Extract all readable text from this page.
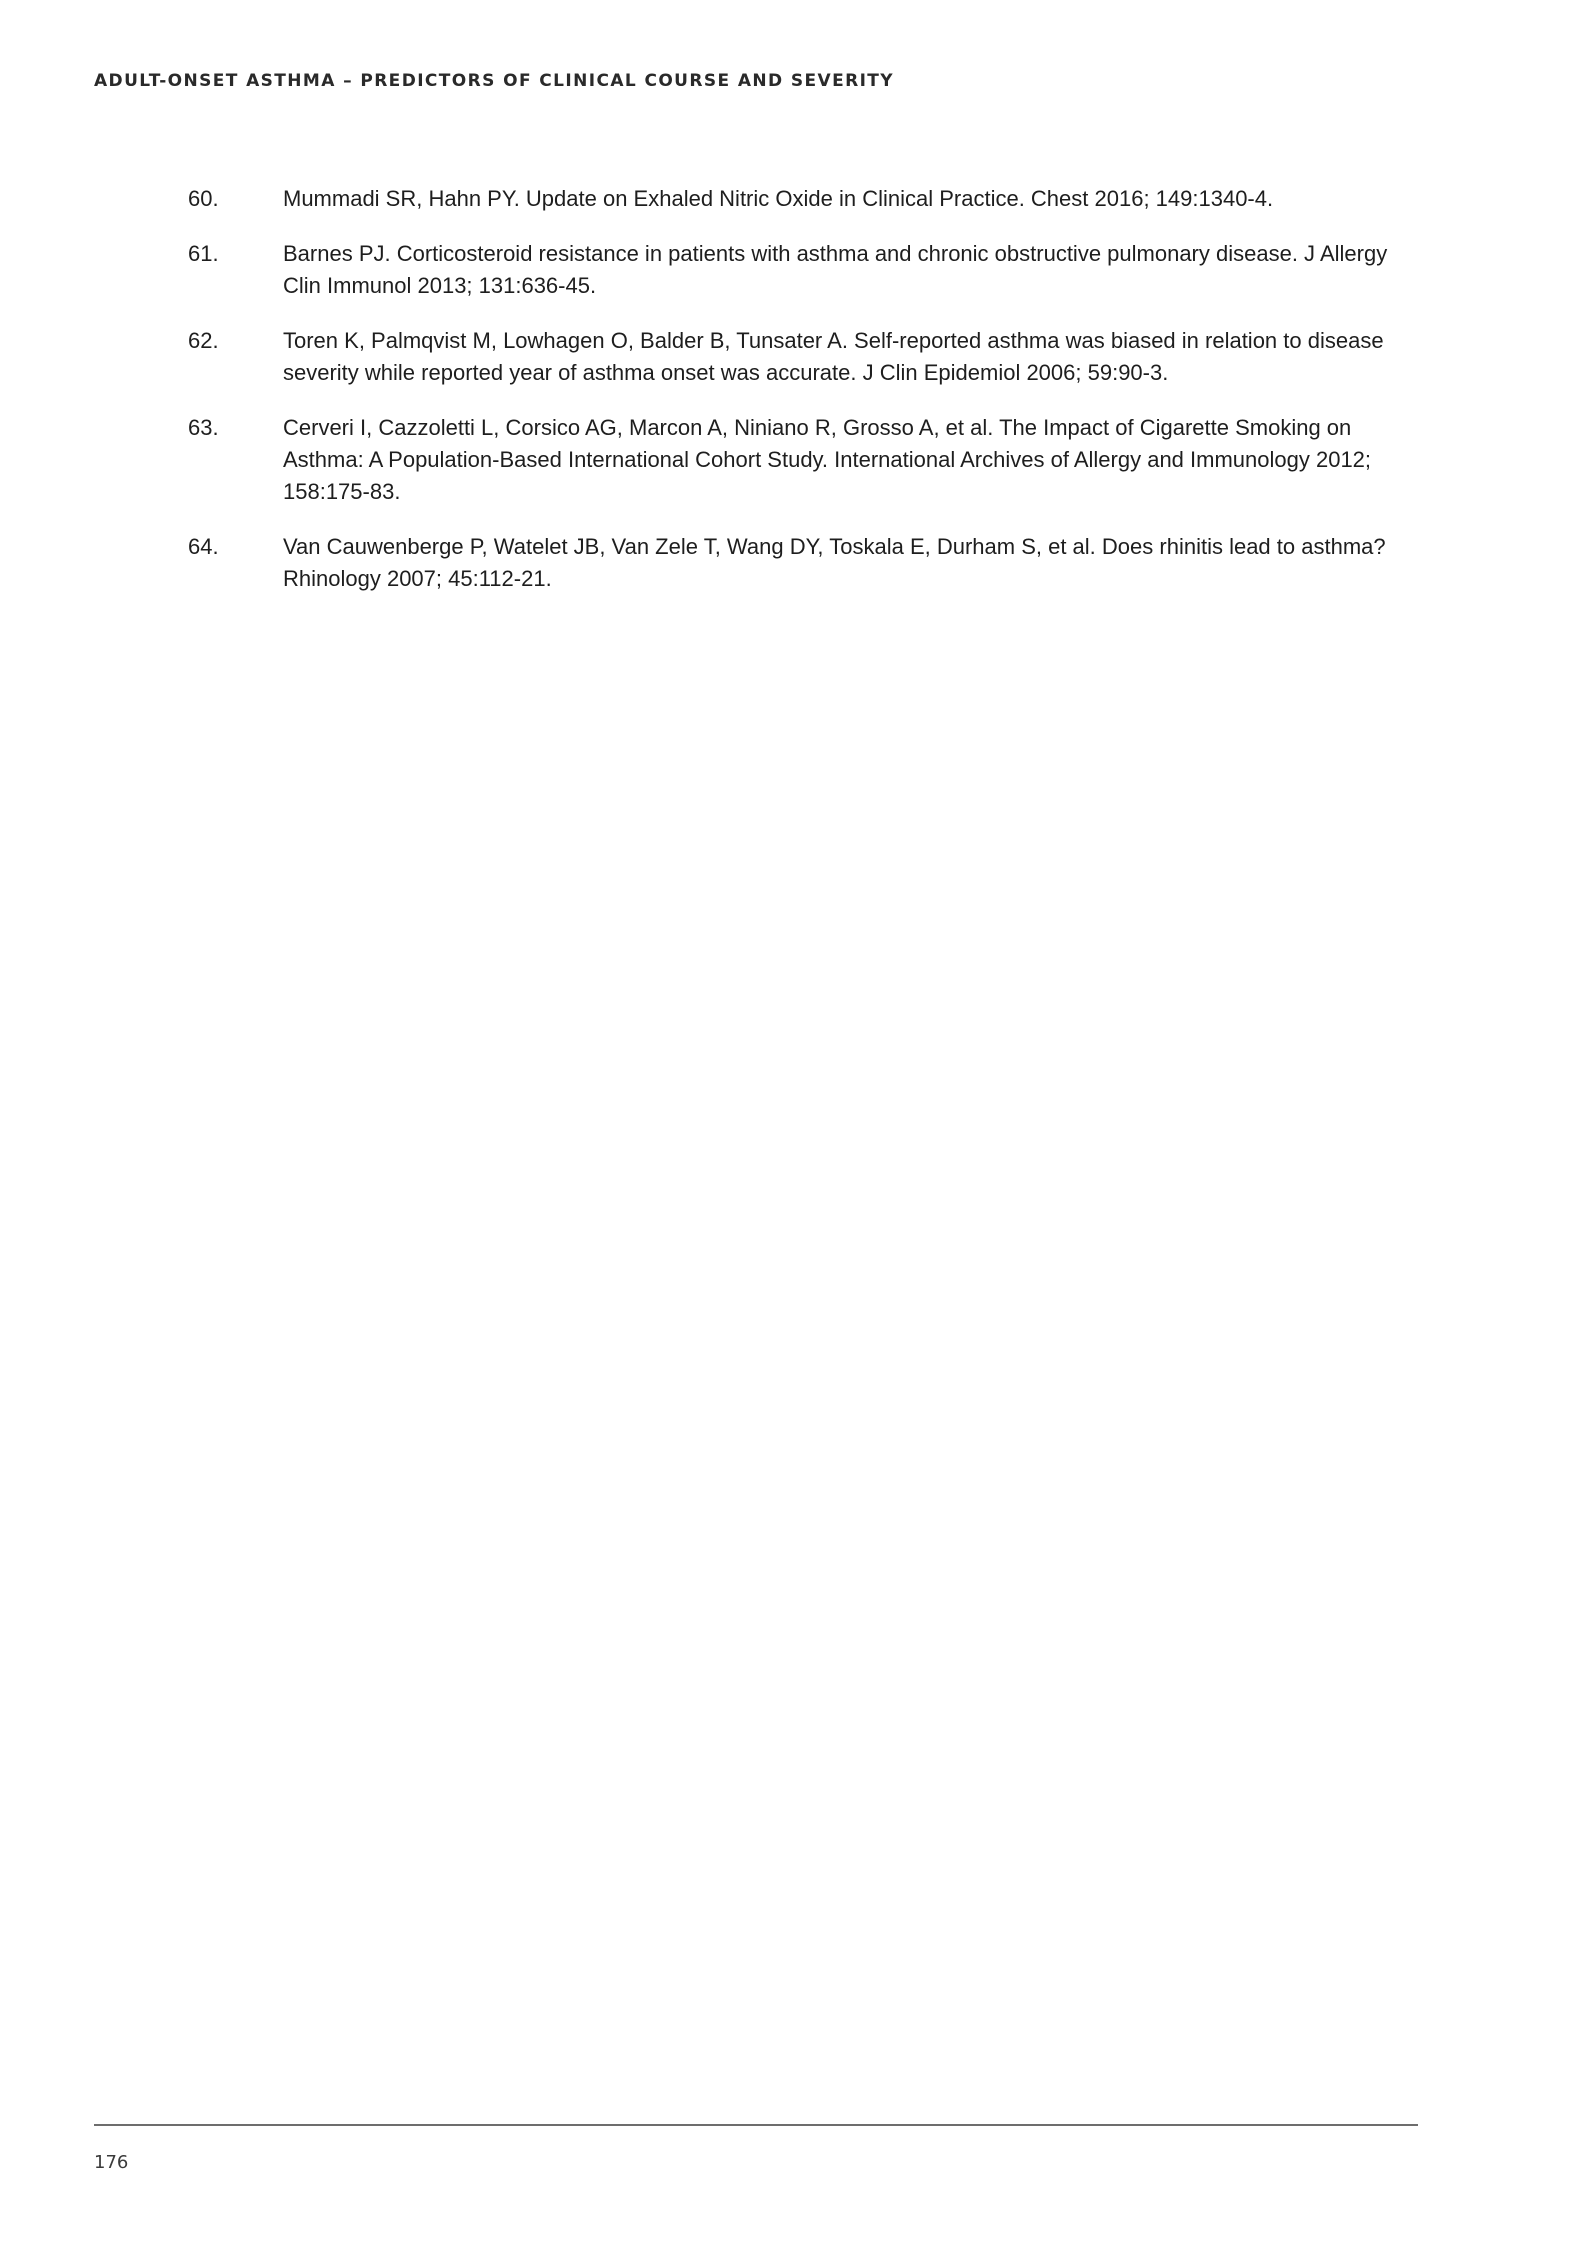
ADULT-ONSET ASTHMA – PREDICTORS OF CLINICAL COURSE AND SEVERITY
60.	Mummadi SR, Hahn PY. Update on Exhaled Nitric Oxide in Clinical Practice. Chest 2016; 149:1340-4.
61.	Barnes PJ. Corticosteroid resistance in patients with asthma and chronic obstructive pulmonary disease. J Allergy Clin Immunol 2013; 131:636-45.
62.	Toren K, Palmqvist M, Lowhagen O, Balder B, Tunsater A. Self-reported asthma was biased in relation to disease severity while reported year of asthma onset was accurate. J Clin Epidemiol 2006; 59:90-3.
63.	Cerveri I, Cazzoletti L, Corsico AG, Marcon A, Niniano R, Grosso A, et al. The Impact of Cigarette Smoking on Asthma: A Population-Based International Cohort Study. International Archives of Allergy and Immunology 2012; 158:175-83.
64.	Van Cauwenberge P, Watelet JB, Van Zele T, Wang DY, Toskala E, Durham S, et al. Does rhinitis lead to asthma? Rhinology 2007; 45:112-21.
176
